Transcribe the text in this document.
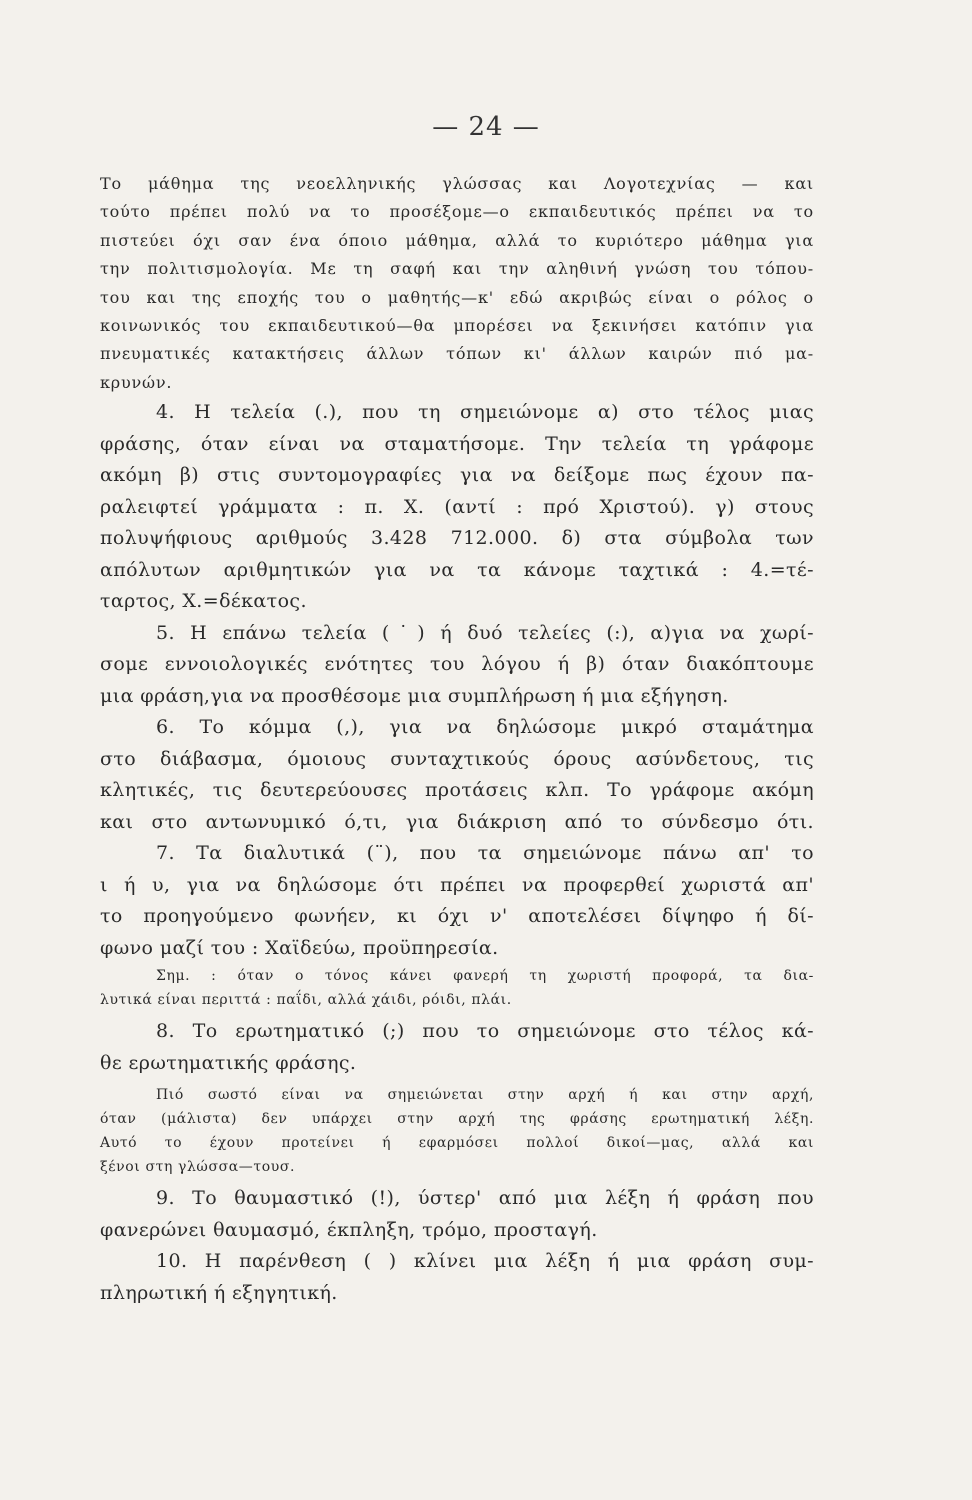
— 24 —

Το μάθημα της νεοελληνικής γλώσσας και Λογοτεχνίας — και
τούτο πρέπει πολύ να το προσέξομε—ο εκπαιδευτικός πρέπει να το
πιστεύει όχι σαν ένα όποιο μάθημα, αλλά το κυριότερο μάθημα για
την πολιτισμολογία. Με τη σαφή και την αληθινή γνώση του τόπου-
του και της εποχής του ο μαθητής—κ' εδώ ακριβώς είναι ο ρόλος ο
κοινωνικός του εκπαιδευτικού—θα μπορέσει να ξεκινήσει κατόπιν για
πνευματικές κατακτήσεις άλλων τόπων κι' άλλων καιρών πιό μα-
κρυνών.

4. Η τελεία (.), που τη σημειώνομε α) στο τέλος μιας
φράσης, όταν είναι να σταματήσομε. Την τελεία τη γράφομε
ακόμη β) στις συντομογραφίες για να δείξομε πως έχουν πα-
ραλειφτεί γράμματα : π. Χ. (αντί : πρό Χριστού). γ) στους
πολυψήφιους αριθμούς 3.428 712.000. δ) στα σύμβολα των
απόλυτων αριθμητικών για να τα κάνομε ταχτικά : 4.=τέ-
ταρτος, Χ.=δέκατος.

5. Η επάνω τελεία (˙) ή δυό τελείες (:), α)για να χωρί-
σομε εννοιολογικές ενότητες του λόγου ή β) όταν διακόπτουμε
μια φράση,για να προσθέσομε μια συμπλήρωση ή μια εξήγηση.

6. Το κόμμα (,), για να δηλώσομε μικρό σταμάτημα
στο διάβασμα, όμοιους συνταχτικούς όρους ασύνδετους, τις
κλητικές, τις δευτερεύουσες προτάσεις κλπ. Το γράφομε ακόμη
και στο αντωνυμικό ό,τι, για διάκριση από το σύνδεσμο ότι.

7. Τα διαλυτικά (¨), που τα σημειώνομε πάνω απ' το
ι ή υ, για να δηλώσομε ότι πρέπει να προφερθεί χωριστά απ'
το προηγούμενο φωνήεν, κι όχι ν' αποτελέσει δίψηφο ή δί-
φωνο μαζί του : Χαϊδεύω, προϋπηρεσία.

Σημ. : όταν ο τόνος κάνει φανερή τη χωριστή προφορά, τα δια-
λυτικά είναι περιττά : παΐδι, αλλά χάιδι, ρόιδι, πλάι.

8. Το ερωτηματικό (;) που το σημειώνομε στο τέλος κά-
θε ερωτηματικής φράσης.

Πιό σωστό είναι να σημειώνεται στην αρχή ή και στην αρχή,
όταν (μάλιστα) δεν υπάρχει στην αρχή της φράσης ερωτηματική λέξη.
Αυτό το έχουν προτείνει ή εφαρμόσει πολλοί δικοί—μας, αλλά και
ξένοι στη γλώσσα—τουσ.

9. Το θαυμαστικό (!), ύστερ' από μια λέξη ή φράση που
φανερώνει θαυμασμό, έκπληξη, τρόμο, προσταγή.

10. Η παρένθεση ( ) κλίνει μια λέξη ή μια φράση συμ-
πληρωτική ή εξηγητική.
